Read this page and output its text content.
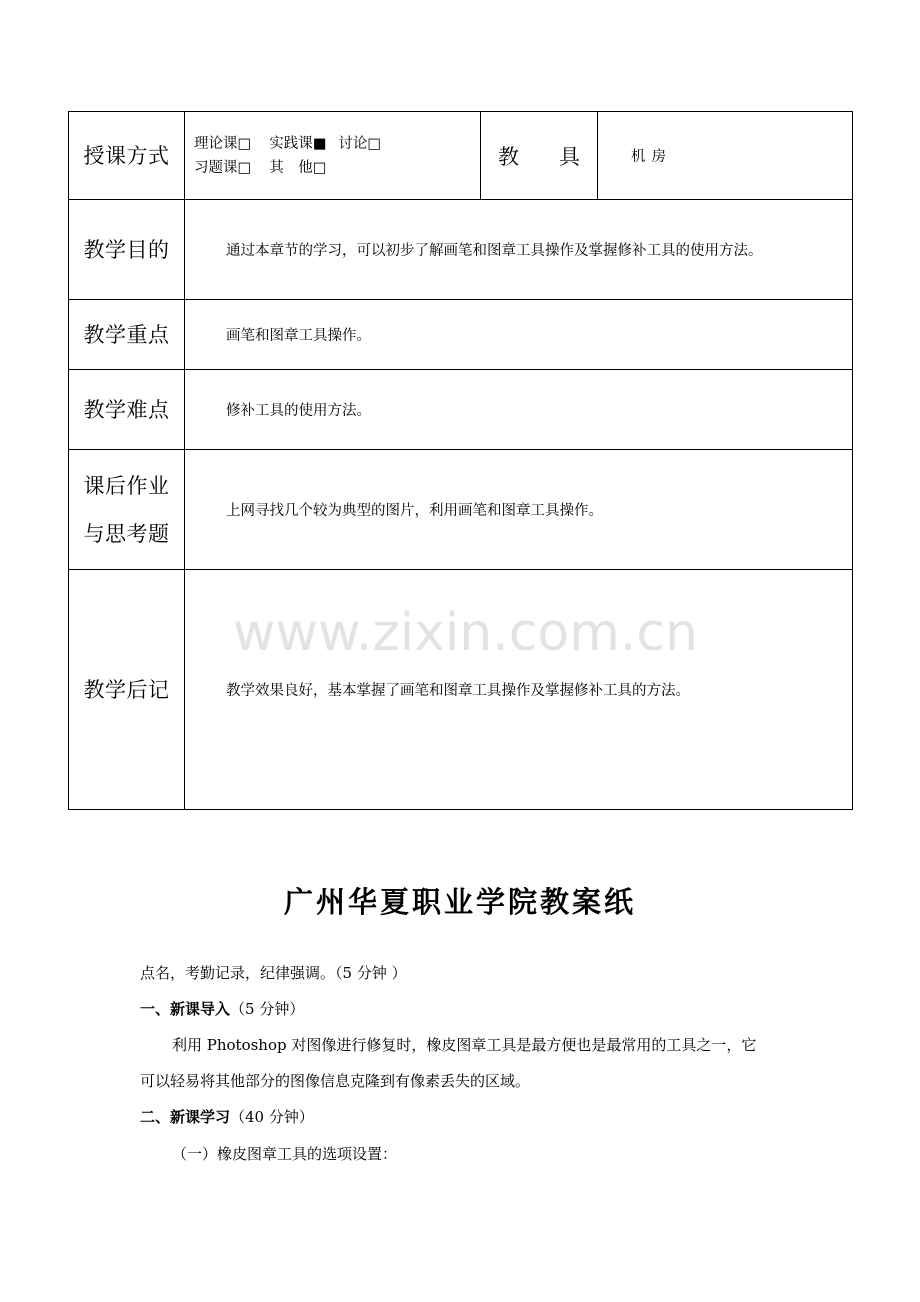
授课方式	理论课□ 实践课■ 讨论□
习题课□ 其　他□	教 具	机房
教学目的	通过本章节的学习，可以初步了解画笔和图章工具操作及掌握修补工具的使用方法。		
教学重点	画笔和图章工具操作。		
教学难点	修补工具的使用方法。		

课后作业
与思考题	上网寻找几个较为典型的图片，利用画笔和图章工具操作。		
教学后记	教学效果良好，基本掌握了画笔和图章工具操作及掌握修补工具的方法。		
www.zixin.com.cn
广州华夏职业学院教案纸
点名，考勤记录，纪律强调。（5 分钟 ）
一、新课导入（5 分钟）
利用 Photoshop 对图像进行修复时，橡皮图章工具是最方便也是最常用的工具之一，它
可以轻易将其他部分的图像信息克隆到有像素丢失的区域。
二、新课学习（40 分钟）
（一）橡皮图章工具的选项设置：
